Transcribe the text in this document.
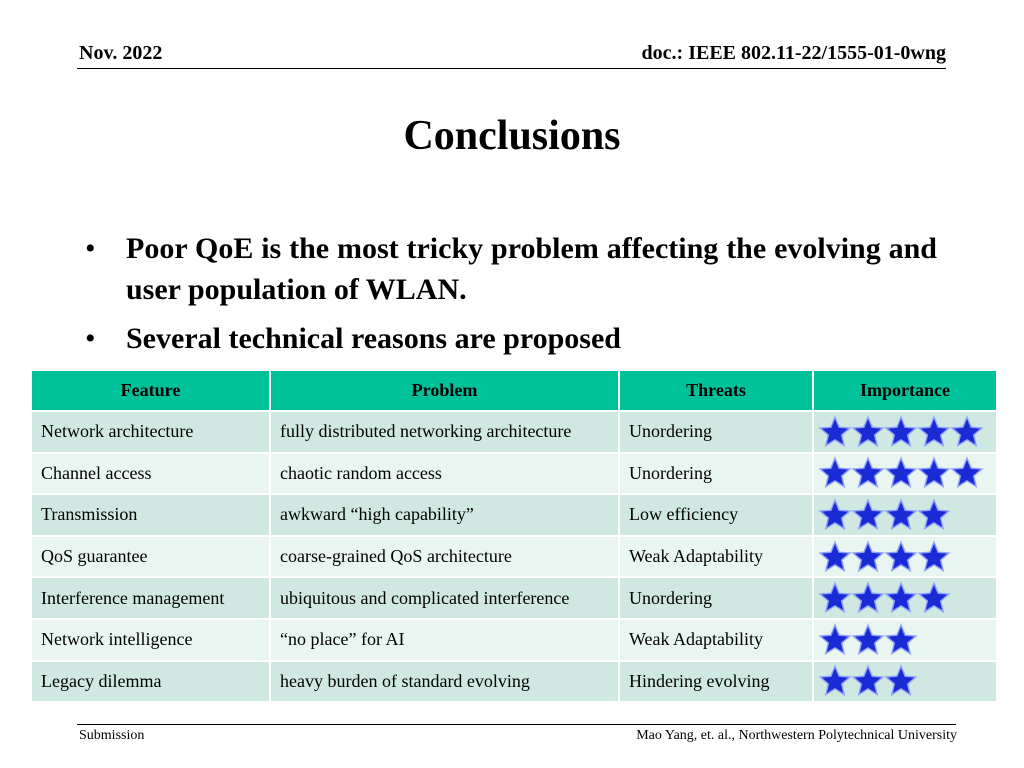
Nov. 2022	doc.: IEEE 802.11-22/1555-01-0wng
Conclusions
• Poor QoE is the most tricky problem affecting the evolving and user population of WLAN.
• Several technical reasons are proposed
Feature	Problem	Threats	Importance
Network architecture	fully distributed networking architecture	Unordering	

Channel access	chaotic random access	Unordering	

Transmission	awkward “high capability”	Low efficiency	

QoS guarantee	coarse-grained QoS architecture	Weak Adaptability	

Interference management	ubiquitous and complicated interference	Unordering	

Network intelligence	“no place” for AI	Weak Adaptability	

Legacy dilemma	heavy burden of standard evolving	Hindering evolving	
Submission	Mao Yang, et. al., Northwestern Polytechnical University
